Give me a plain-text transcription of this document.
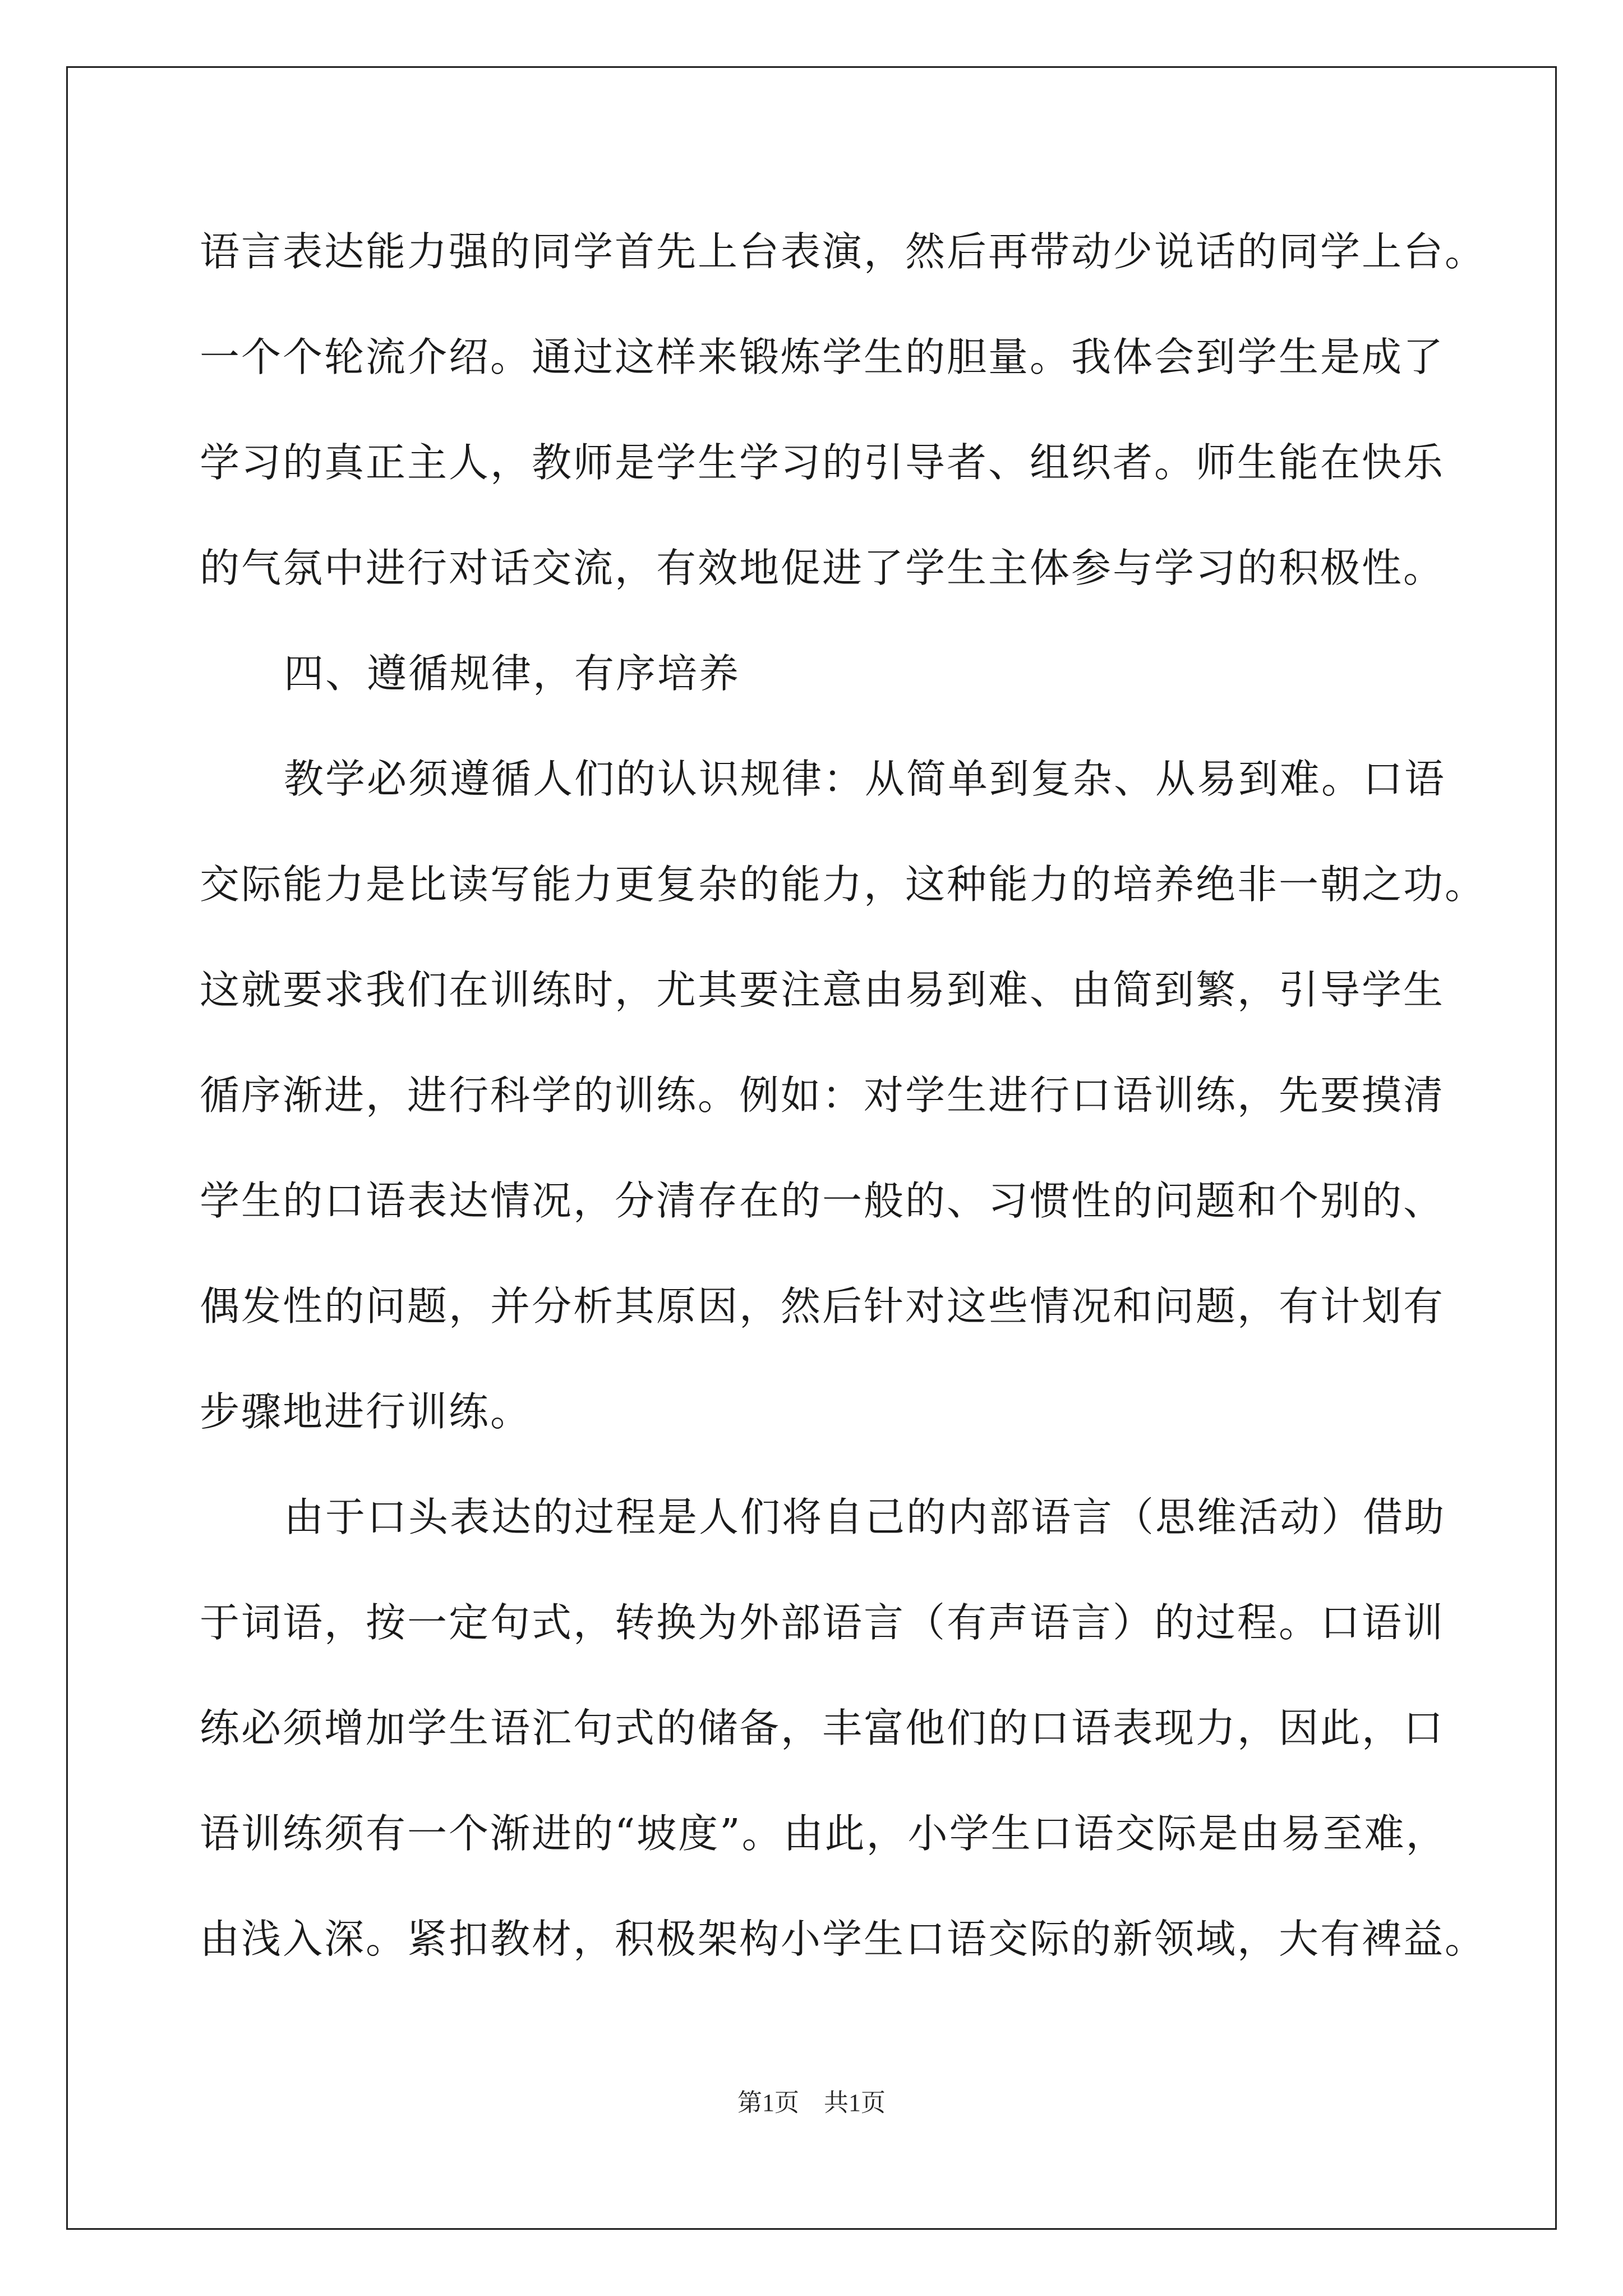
语言表达能力强的同学首先上台表演，然后再带动少说话的同学上台。
一个个轮流介绍。通过这样来锻炼学生的胆量。我体会到学生是成了
学习的真正主人，教师是学生学习的引导者、组织者。师生能在快乐
的气氛中进行对话交流，有效地促进了学生主体参与学习的积极性。
四、遵循规律，有序培养
教学必须遵循人们的认识规律：从简单到复杂、从易到难。口语
交际能力是比读写能力更复杂的能力，这种能力的培养绝非一朝之功。
这就要求我们在训练时，尤其要注意由易到难、由简到繁，引导学生
循序渐进，进行科学的训练。例如：对学生进行口语训练，先要摸清
学生的口语表达情况，分清存在的一般的、习惯性的问题和个别的、
偶发性的问题，并分析其原因，然后针对这些情况和问题，有计划有
步骤地进行训练。
由于口头表达的过程是人们将自己的内部语言（思维活动）借助
于词语，按一定句式，转换为外部语言（有声语言）的过程。口语训
练必须增加学生语汇句式的储备，丰富他们的口语表现力，因此，口
语训练须有一个渐进的“坡度”。由此，小学生口语交际是由易至难，
由浅入深。紧扣教材，积极架构小学生口语交际的新领域，大有裨益。
第1页　共1页
